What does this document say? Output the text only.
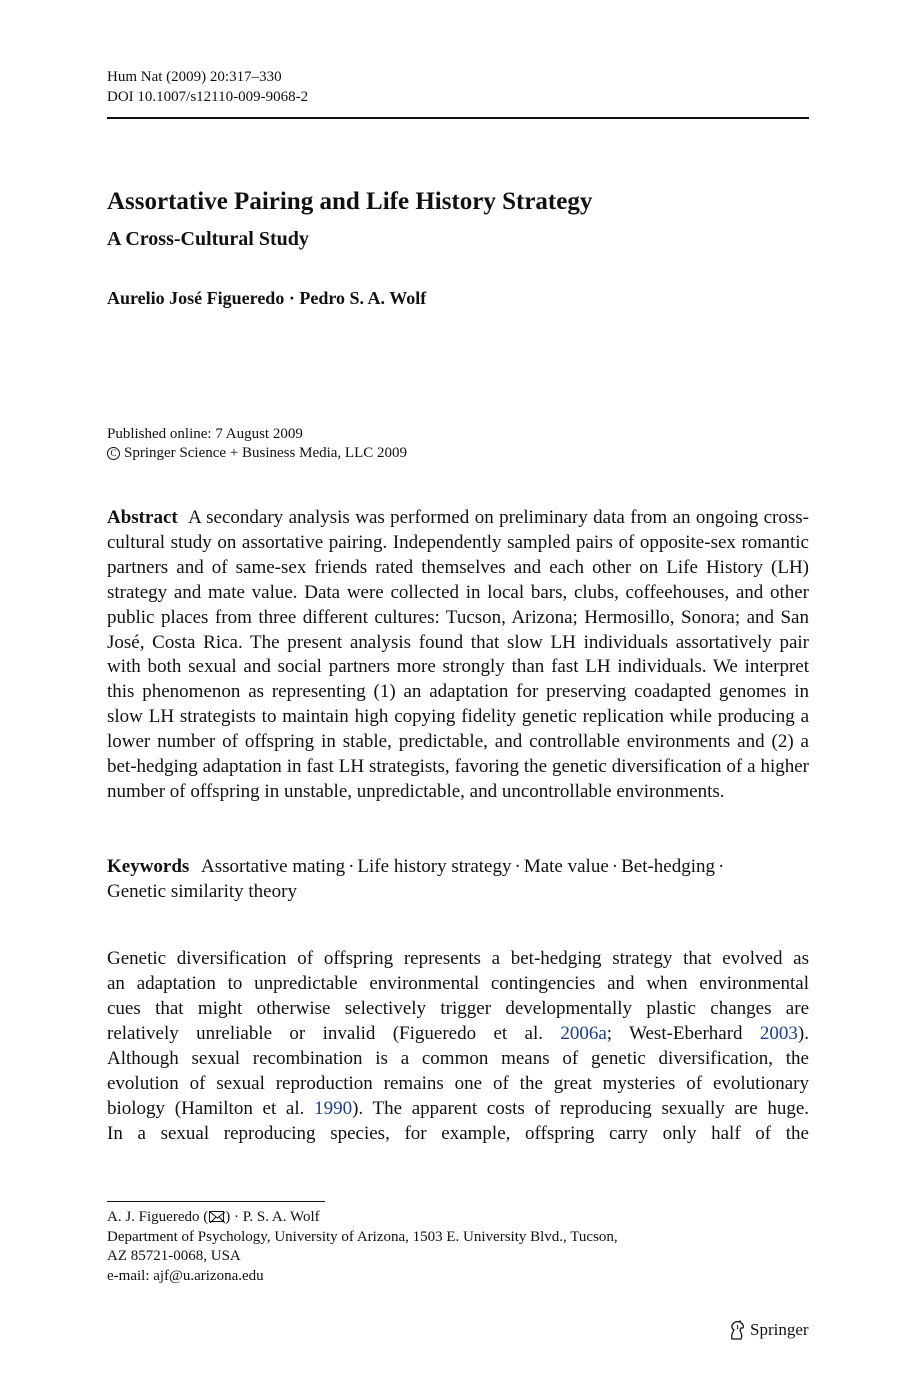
Hum Nat (2009) 20:317–330
DOI 10.1007/s12110-009-9068-2
Assortative Pairing and Life History Strategy
A Cross-Cultural Study
Aurelio José Figueredo · Pedro S. A. Wolf
Published online: 7 August 2009
C Springer Science + Business Media, LLC 2009
Abstract A secondary analysis was performed on preliminary data from an ongoing cross-cultural study on assortative pairing. Independently sampled pairs of opposite-sex romantic partners and of same-sex friends rated themselves and each other on Life History (LH) strategy and mate value. Data were collected in local bars, clubs, coffeehouses, and other public places from three different cultures: Tucson, Arizona; Hermosillo, Sonora; and San José, Costa Rica. The present analysis found that slow LH individuals assortatively pair with both sexual and social partners more strongly than fast LH individuals. We interpret this phenomenon as representing (1) an adaptation for preserving coadapted genomes in slow LH strategists to maintain high copying fidelity genetic replication while producing a lower number of offspring in stable, predictable, and controllable environments and (2) a bet-hedging adaptation in fast LH strategists, favoring the genetic diversification of a higher number of offspring in unstable, unpredictable, and uncontrollable environments.
Keywords Assortative mating · Life history strategy · Mate value · Bet-hedging ·
Genetic similarity theory
Genetic diversification of offspring represents a bet-hedging strategy that evolved as
an adaptation to unpredictable environmental contingencies and when environmental
cues that might otherwise selectively trigger developmentally plastic changes are
relatively unreliable or invalid (Figueredo et al. 2006a; West-Eberhard 2003).
Although sexual recombination is a common means of genetic diversification, the
evolution of sexual reproduction remains one of the great mysteries of evolutionary
biology (Hamilton et al. 1990). The apparent costs of reproducing sexually are huge.
In a sexual reproducing species, for example, offspring carry only half of the
A. J. Figueredo ( ) · P. S. A. Wolf
Department of Psychology, University of Arizona, 1503 E. University Blvd., Tucson,
AZ 85721-0068, USA
e-mail: ajf@u.arizona.edu
Springer
